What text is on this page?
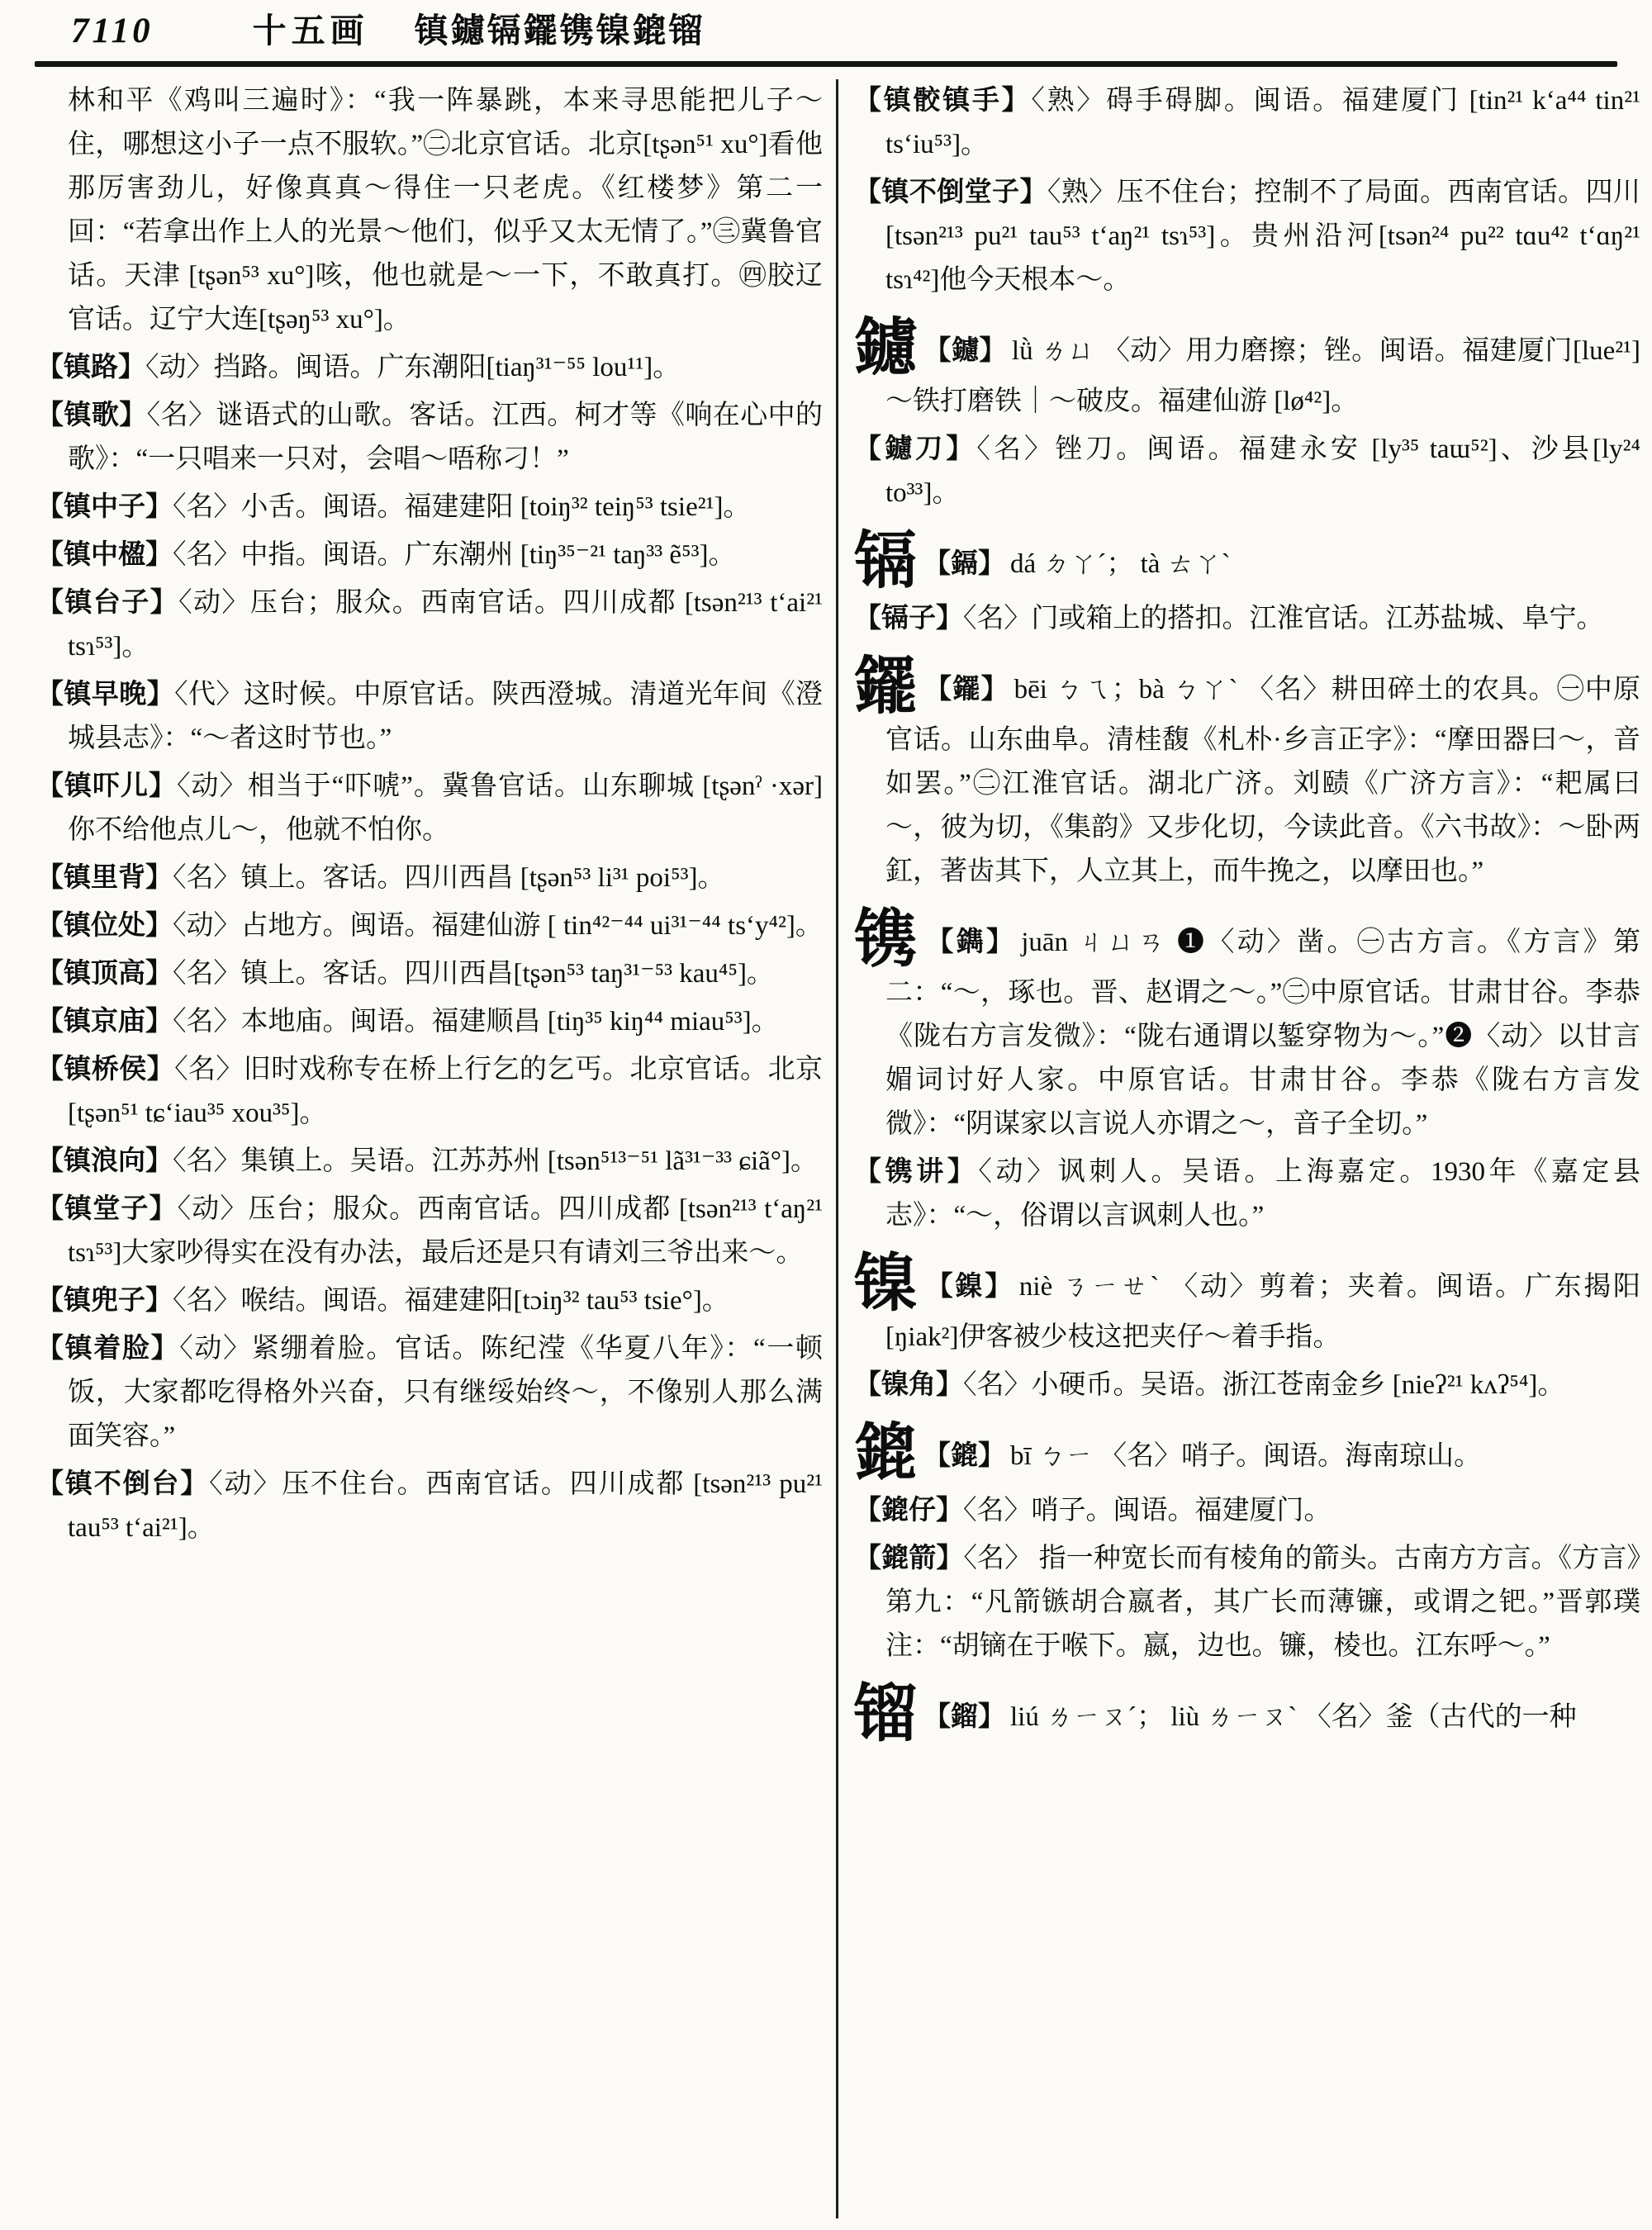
7110	十五画 镇鑢镉䥯镌镍鎞镏

林和平《鸡叫三遍时》：“我一阵暴跳，本来寻思能把儿子～住，哪想这小子一点不服软。”㊁北京官话。北京[tʂən⁵¹ xu°]看他那厉害劲儿，好像真真～得住一只老虎。《红楼梦》第二一回：“若拿出作上人的光景～他们，似乎又太无情了。”㊂冀鲁官话。天津 [tʂən⁵³ xu°]咳，他也就是～一下，不敢真打。㊃胶辽官话。辽宁大连[tʂəŋ⁵³ xu°]。

【镇路】〈动〉挡路。闽语。广东潮阳[tiaŋ³¹⁻⁵⁵ lou¹¹]。

【镇歌】〈名〉谜语式的山歌。客话。江西。柯才等《响在心中的歌》：“一只唱来一只对，会唱～唔称刁！”

【镇中子】〈名〉小舌。闽语。福建建阳 [toiŋ³² teiŋ⁵³ tsie²¹]。

【镇中楹】〈名〉中指。闽语。广东潮州 [tiŋ³⁵⁻²¹ taŋ³³ ẽ⁵³]。

【镇台子】〈动〉压台；服众。西南官话。四川成都 [tsən²¹³ t‘ai²¹ tsɿ⁵³]。

【镇早晚】〈代〉这时候。中原官话。陕西澄城。清道光年间《澄城县志》：“～者这时节也。”

【镇吓儿】〈动〉相当于“吓唬”。冀鲁官话。山东聊城 [tʂənˀ ·xər] 你不给他点儿～，他就不怕你。

【镇里背】〈名〉镇上。客话。四川西昌 [tʂən⁵³ li³¹ poi⁵³]。

【镇位处】〈动〉占地方。闽语。福建仙游 [ tin⁴²⁻⁴⁴ ui³¹⁻⁴⁴ ts‘y⁴²]。

【镇顶高】〈名〉镇上。客话。四川西昌[tʂən⁵³ taŋ³¹⁻⁵³ kau⁴⁵]。

【镇京庙】〈名〉本地庙。闽语。福建顺昌 [tiŋ³⁵ kiŋ⁴⁴ miau⁵³]。

【镇桥侯】〈名〉旧时戏称专在桥上行乞的乞丐。北京官话。北京 [tʂən⁵¹ tɕ‘iau³⁵ xou³⁵]。

【镇浪向】〈名〉集镇上。吴语。江苏苏州 [tsən⁵¹³⁻⁵¹ lã³¹⁻³³ ɕiã°]。

【镇堂子】〈动〉压台；服众。西南官话。四川成都 [tsən²¹³ t‘aŋ²¹ tsɿ⁵³]大家吵得实在没有办法，最后还是只有请刘三爷出来～。

【镇兜子】〈名〉喉结。闽语。福建建阳[tɔiŋ³² tau⁵³ tsie°]。

【镇着脸】〈动〉紧绷着脸。官话。陈纪滢《华夏八年》：“一顿饭，大家都吃得格外兴奋，只有继绥始终～，不像别人那么满面笑容。”

【镇不倒台】〈动〉压不住台。西南官话。四川成都 [tsən²¹³ pu²¹ tau⁵³ t‘ai²¹]。

【镇骹镇手】〈熟〉碍手碍脚。闽语。福建厦门 [tin²¹ k‘a⁴⁴ tin²¹ ts‘iu⁵³]。

【镇不倒堂子】〈熟〉压不住台；控制不了局面。西南官话。四川 [tsən²¹³ pu²¹ tau⁵³ t‘aŋ²¹ tsɿ⁵³]。贵州沿河[tsən²⁴ pu²² tɑu⁴² t‘ɑŋ²¹ tsɿ⁴²]他今天根本～。

鑢 【鑢】 lǜ ㄌㄩ 〈动〉用力磨擦；锉。闽语。福建厦门[lue²¹]～铁打磨铁｜～破皮。福建仙游 [lø⁴²]。

【鑢刀】〈名〉锉刀。闽语。福建永安 [ly³⁵ taɯ⁵²]、沙县[ly²⁴ to³³]。

镉 【鎘】 dá ㄉㄚˊ； tà ㄊㄚˋ

【镉子】〈名〉门或箱上的搭扣。江淮官话。江苏盐城、阜宁。

䥯 【䥯】 bēi ㄅㄟ；bà ㄅㄚˋ 〈名〉耕田碎土的农具。㊀中原官话。山东曲阜。清桂馥《札朴·乡言正字》：“摩田器曰～，音如罢。”㊁江淮官话。湖北广济。刘赜《广济方言》：“耙属曰～，彼为切，《集韵》又步化切，今读此音。《六书故》：～卧两釭，著齿其下，人立其上，而牛挽之，以摩田也。”

镌 【鐫】 juān ㄐㄩㄢ ❶〈动〉凿。㊀古方言。《方言》第二：“～，琢也。晋、赵谓之～。”㊁中原官话。甘肃甘谷。李恭《陇右方言发微》：“陇右通谓以錾穿物为～。”❷〈动〉以甘言媚词讨好人家。中原官话。甘肃甘谷。李恭《陇右方言发微》：“阴谋家以言说人亦谓之～，音子全切。”

【镌讲】〈动〉讽刺人。吴语。上海嘉定。1930年《嘉定县志》：“～，俗谓以言讽刺人也。”

镍 【鎳】 niè ㄋㄧㄝˋ 〈动〉剪着；夹着。闽语。广东揭阳 [ŋiak²]伊客被少枝这把夹仔～着手指。

【镍角】〈名〉小硬币。吴语。浙江苍南金乡 [nieʔ²¹ kʌʔ⁵⁴]。

鎞 【鎞】 bī ㄅㄧ 〈名〉哨子。闽语。海南琼山。

【鎞仔】〈名〉哨子。闽语。福建厦门。

【鎞箭】〈名〉 指一种宽长而有棱角的箭头。古南方方言。《方言》第九：“凡箭镞胡合嬴者，其广长而薄镰，或谓之钯。”晋郭璞注：“胡镝在于喉下。嬴，边也。镰，棱也。江东呼～。”

镏 【鎦】 liú ㄌㄧㄡˊ； liù ㄌㄧㄡˋ 〈名〉釜（古代的一种
